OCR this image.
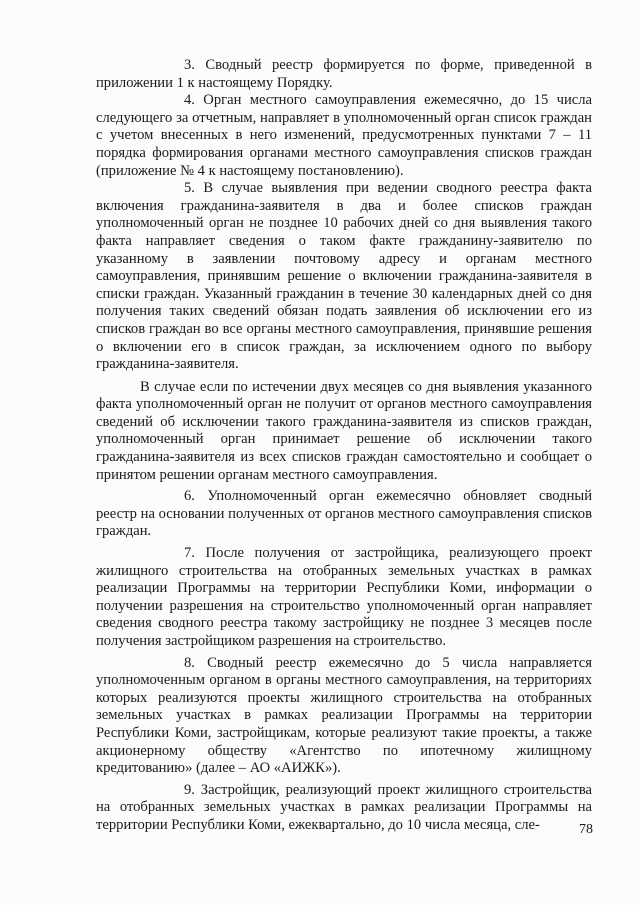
3. Сводный реестр формируется по форме, приведенной в приложении 1 к настоящему Порядку.

4. Орган местного самоуправления ежемесячно, до 15 числа следующего за отчетным, направляет в уполномоченный орган список граждан с учетом внесенных в него изменений, предусмотренных пунктами 7 – 11 порядка формирования органами местного самоуправления списков граждан (приложение № 4 к настоящему постановлению).

5. В случае выявления при ведении сводного реестра факта включения гражданина-заявителя в два и более списков граждан уполномоченный орган не позднее 10 рабочих дней со дня выявления такого факта направляет сведения о таком факте гражданину-заявителю по указанному в заявлении почтовому адресу и органам местного самоуправления, принявшим решение о включении гражданина-заявителя в списки граждан. Указанный гражданин в течение 30 календарных дней со дня получения таких сведений обязан подать заявления об исключении его из списков граждан во все органы местного самоуправления, принявшие решения о включении его в список граждан, за исключением одного по выбору гражданина-заявителя.

В случае если по истечении двух месяцев со дня выявления указанного факта уполномоченный орган не получит от органов местного самоуправления сведений об исключении такого гражданина-заявителя из списков граждан, уполномоченный орган принимает решение об исключении такого гражданина-заявителя из всех списков граждан самостоятельно и сообщает о принятом решении органам местного самоуправления.

6. Уполномоченный орган ежемесячно обновляет сводный реестр на основании полученных от органов местного самоуправления списков граждан.

7. После получения от застройщика, реализующего проект жилищного строительства на отобранных земельных участках в рамках реализации Программы на территории Республики Коми, информации о получении разрешения на строительство уполномоченный орган направляет сведения сводного реестра такому застройщику не позднее 3 месяцев после получения застройщиком разрешения на строительство.

8. Сводный реестр ежемесячно до 5 числа направляется уполномоченным органом в органы местного самоуправления, на территориях которых реализуются проекты жилищного строительства на отобранных земельных участках в рамках реализации Программы на территории Республики Коми, застройщикам, которые реализуют такие проекты, а также акционерному обществу «Агентство по ипотечному жилищному кредитованию» (далее – АО «АИЖК»).

9. Застройщик, реализующий проект жилищного строительства на отобранных земельных участках в рамках реализации Программы на территории Республики Коми, ежеквартально, до 10 числа месяца, сле-	78
